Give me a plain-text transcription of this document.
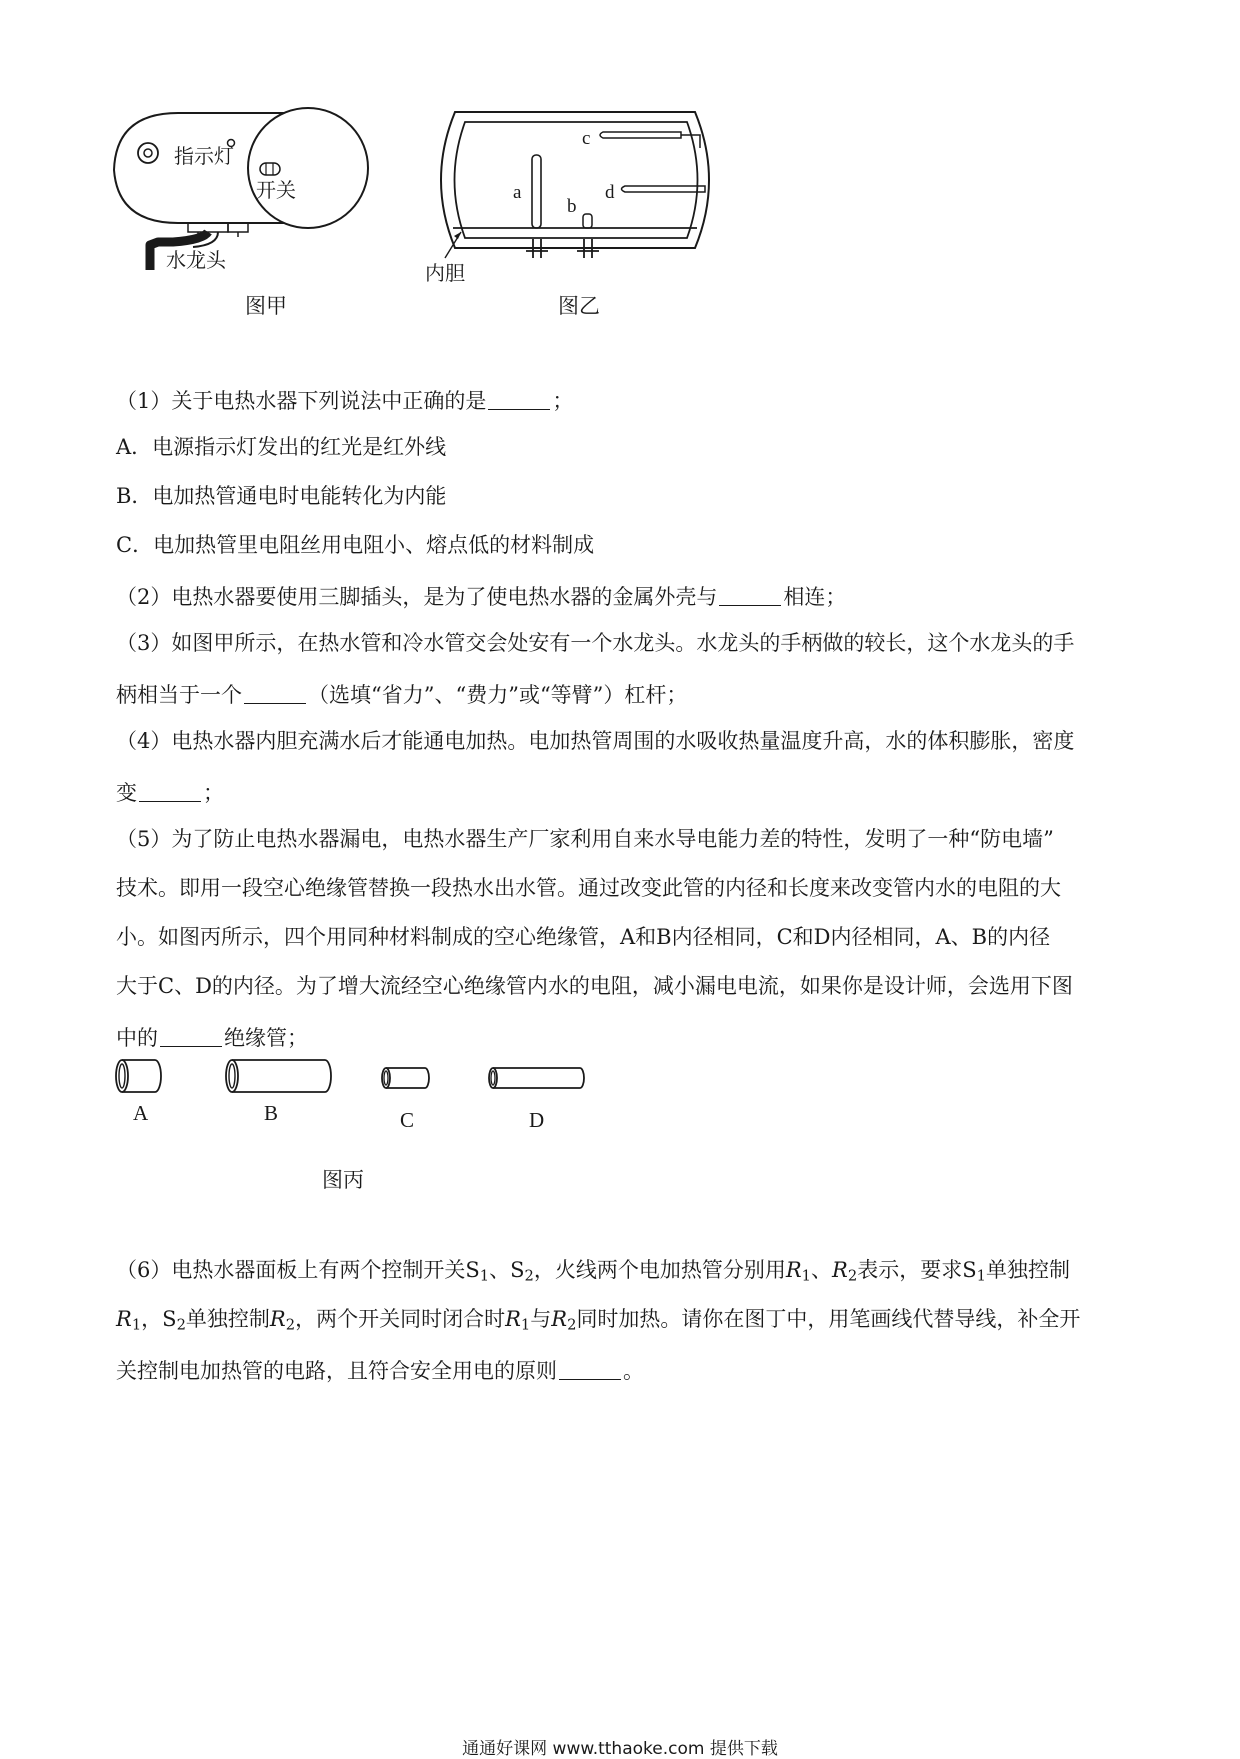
指示灯
开关
水龙头
图甲
a
b
c
d
内胆
图乙
（1）关于电热水器下列说法中正确的是	；
A．电源指示灯发出的红光是红外线
B．电加热管通电时电能转化为内能
C．电加热管里电阻丝用电阻小、熔点低的材料制成
（2）电热水器要使用三脚插头，是为了使电热水器的金属外壳与	相连；
（3）如图甲所示，在热水管和冷水管交会处安有一个水龙头。水龙头的手柄做的较长，这个水龙头的手
柄相当于一个	（选填“省力”、“费力”或“等臂”）杠杆；
（4）电热水器内胆充满水后才能通电加热。电加热管周围的水吸收热量温度升高，水的体积膨胀，密度
变	；
（5）为了防止电热水器漏电，电热水器生产厂家利用自来水导电能力差的特性，发明了一种“防电墙”
技术。即用一段空心绝缘管替换一段热水出水管。通过改变此管的内径和长度来改变管内水的电阻的大
小。如图丙所示，四个用同种材料制成的空心绝缘管，A和B内径相同，C和D内径相同，A、B的内径
大于C、D的内径。为了增大流经空心绝缘管内水的电阻，减小漏电电流，如果你是设计师，会选用下图
中的	绝缘管；
A	B	C	D
图丙
（6）电热水器面板上有两个控制开关$S_1$、$S_2$，火线两个电加热管分别用$R_1$、$R_2$表示，要求$S_1$单独控制
$R_1$，$S_2$单独控制$R_2$，两个开关同时闭合时$R_1$与$R_2$同时加热。请你在图丁中，用笔画线代替导线，补全开
关控制电加热管的电路，且符合安全用电的原则	。
通通好课网 www.tthaoke.com 提供下载
